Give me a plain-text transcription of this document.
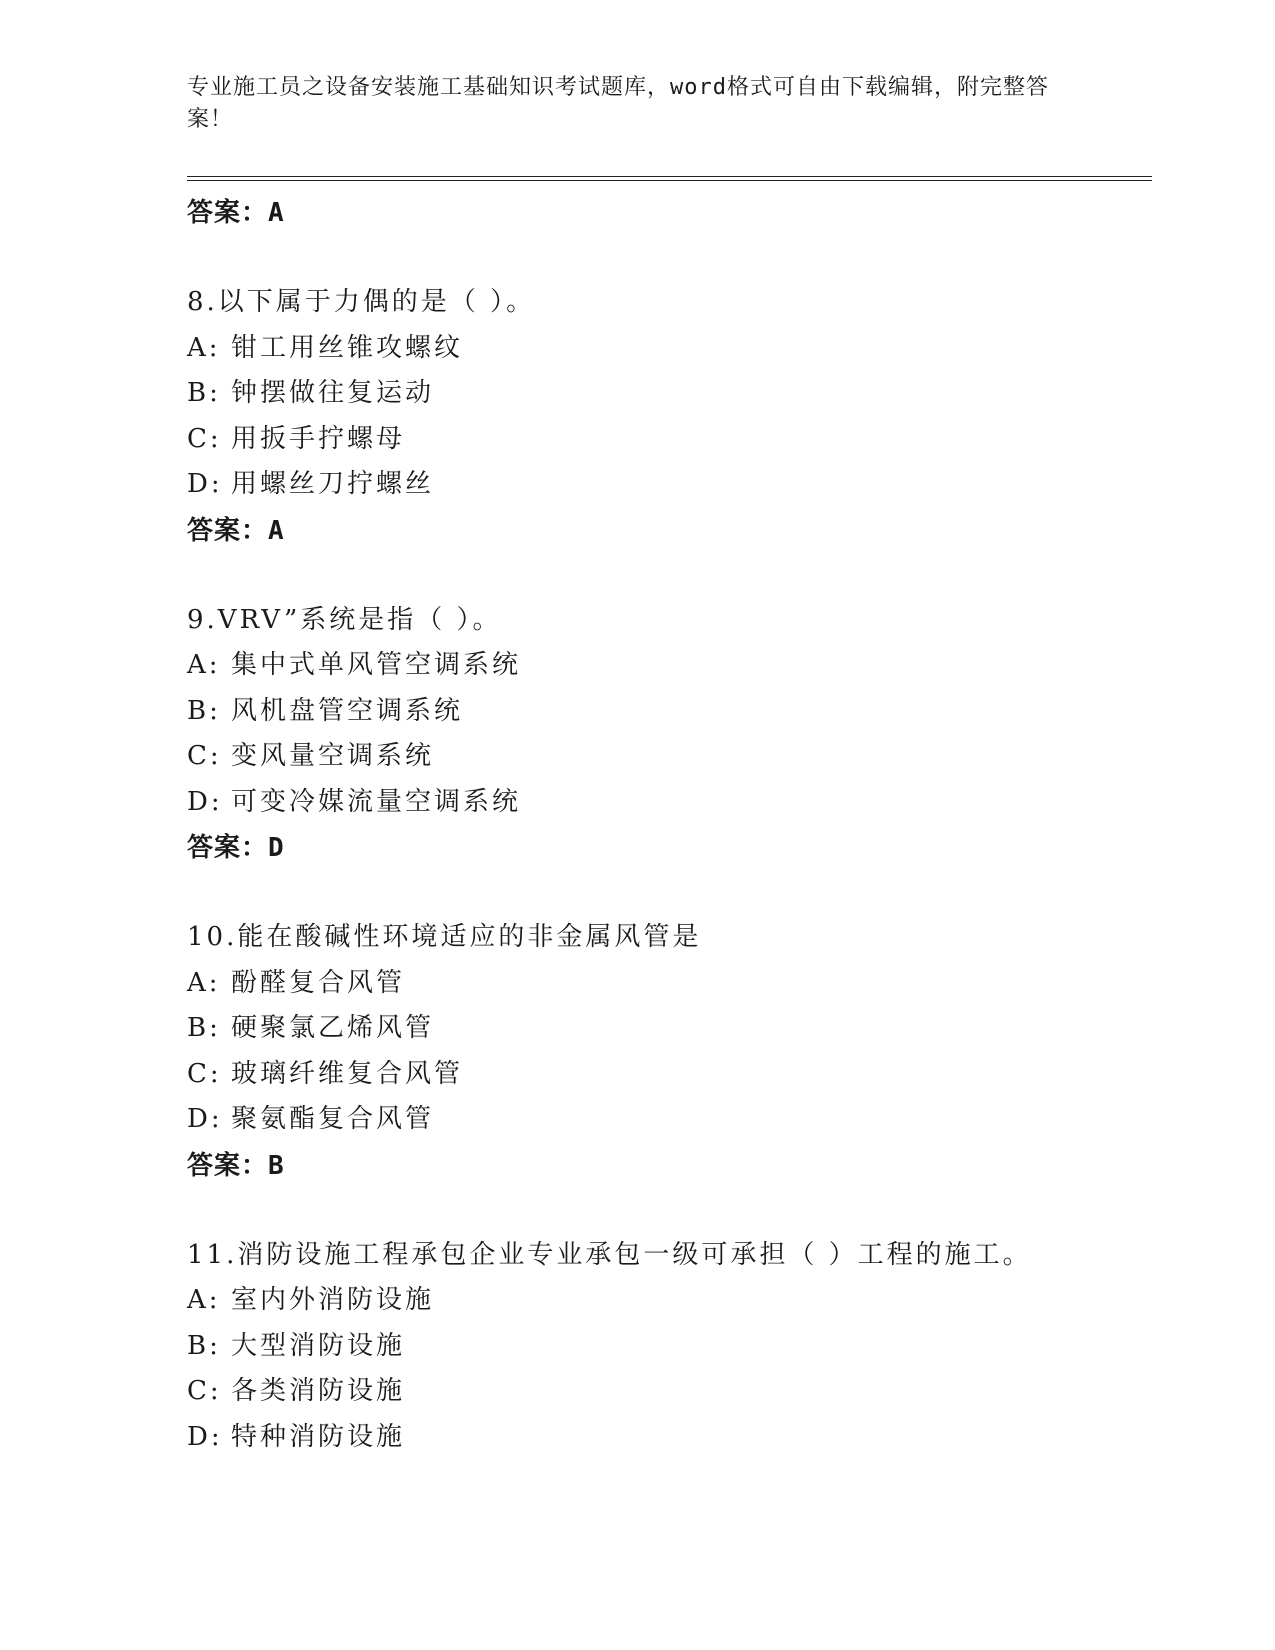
专业施工员之设备安装施工基础知识考试题库，word格式可自由下载编辑，附完整答案！
答案：A
8.以下属于力偶的是（ ）。
A: 钳工用丝锥攻螺纹
B: 钟摆做往复运动
C: 用扳手拧螺母
D: 用螺丝刀拧螺丝
答案：A
9.VRV”系统是指（ ）。
A: 集中式单风管空调系统
B: 风机盘管空调系统
C: 变风量空调系统
D: 可变冷媒流量空调系统
答案：D
10.能在酸碱性环境适应的非金属风管是
A: 酚醛复合风管
B: 硬聚氯乙烯风管
C: 玻璃纤维复合风管
D: 聚氨酯复合风管
答案：B
11.消防设施工程承包企业专业承包一级可承担（ ）工程的施工。
A: 室内外消防设施
B: 大型消防设施
C: 各类消防设施
D: 特种消防设施
